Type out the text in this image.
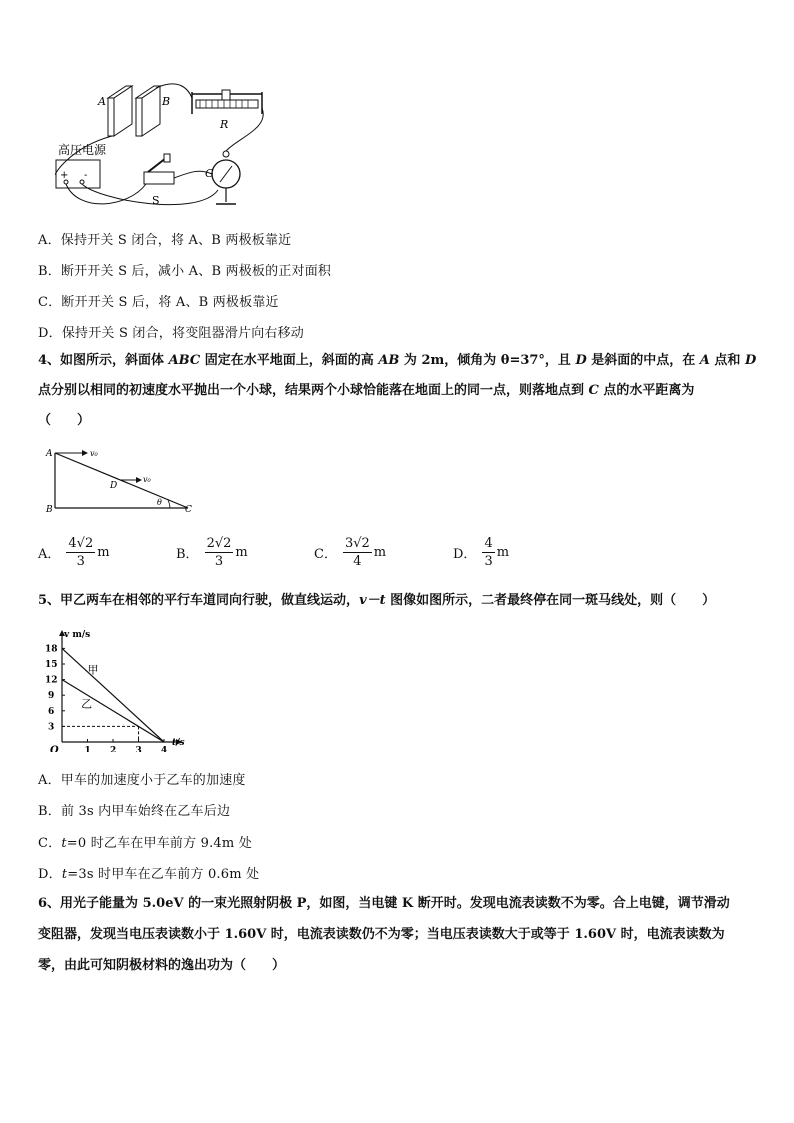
A	B
R
G
高压电源
+ -
S
A．保持开关 S 闭合，将 A、B 两极板靠近
B．断开开关 S 后，减小 A、B 两极板的正对面积
C．断开开关 S 后，将 A、B 两极板靠近
D．保持开关 S 闭合，将变阻器滑片向右移动
4、如图所示，斜面体 ABC 固定在水平地面上，斜面的高 AB 为 2m，倾角为 θ=37°，且 D 是斜面的中点，在 A 点和 D
点分别以相同的初速度水平抛出一个小球，结果两个小球恰能落在地面上的同一点，则落地点到 C 点的水平距离为
（　　）
A
B	C
D
v₀
v₀
θ
A． $\frac{4√2}{3}$ m	B． $\frac{2√2}{3}$ m	C． $\frac{3√2}{4}$ m	D． $\frac{4}{3}$ m
5、甲乙两车在相邻的平行车道同向行驶，做直线运动，v－t 图像如图所示，二者最终停在同一斑马线处，则（　　）
v m/s
t/s
O	1 2 3 4
3
6
9
12
15
18
甲
乙
A．甲车的加速度小于乙车的加速度
B．前 3s 内甲车始终在乙车后边
C．t=0 时乙车在甲车前方 9.4m 处
D．t=3s 时甲车在乙车前方 0.6m 处
6、用光子能量为 5.0eV 的一束光照射阴极 P，如图，当电键 K 断开时。发现电流表读数不为零。合上电键，调节滑动
变阻器，发现当电压表读数小于 1.60V 时，电流表读数仍不为零；当电压表读数大于或等于 1.60V 时，电流表读数为
零，由此可知阴极材料的逸出功为（　　）
